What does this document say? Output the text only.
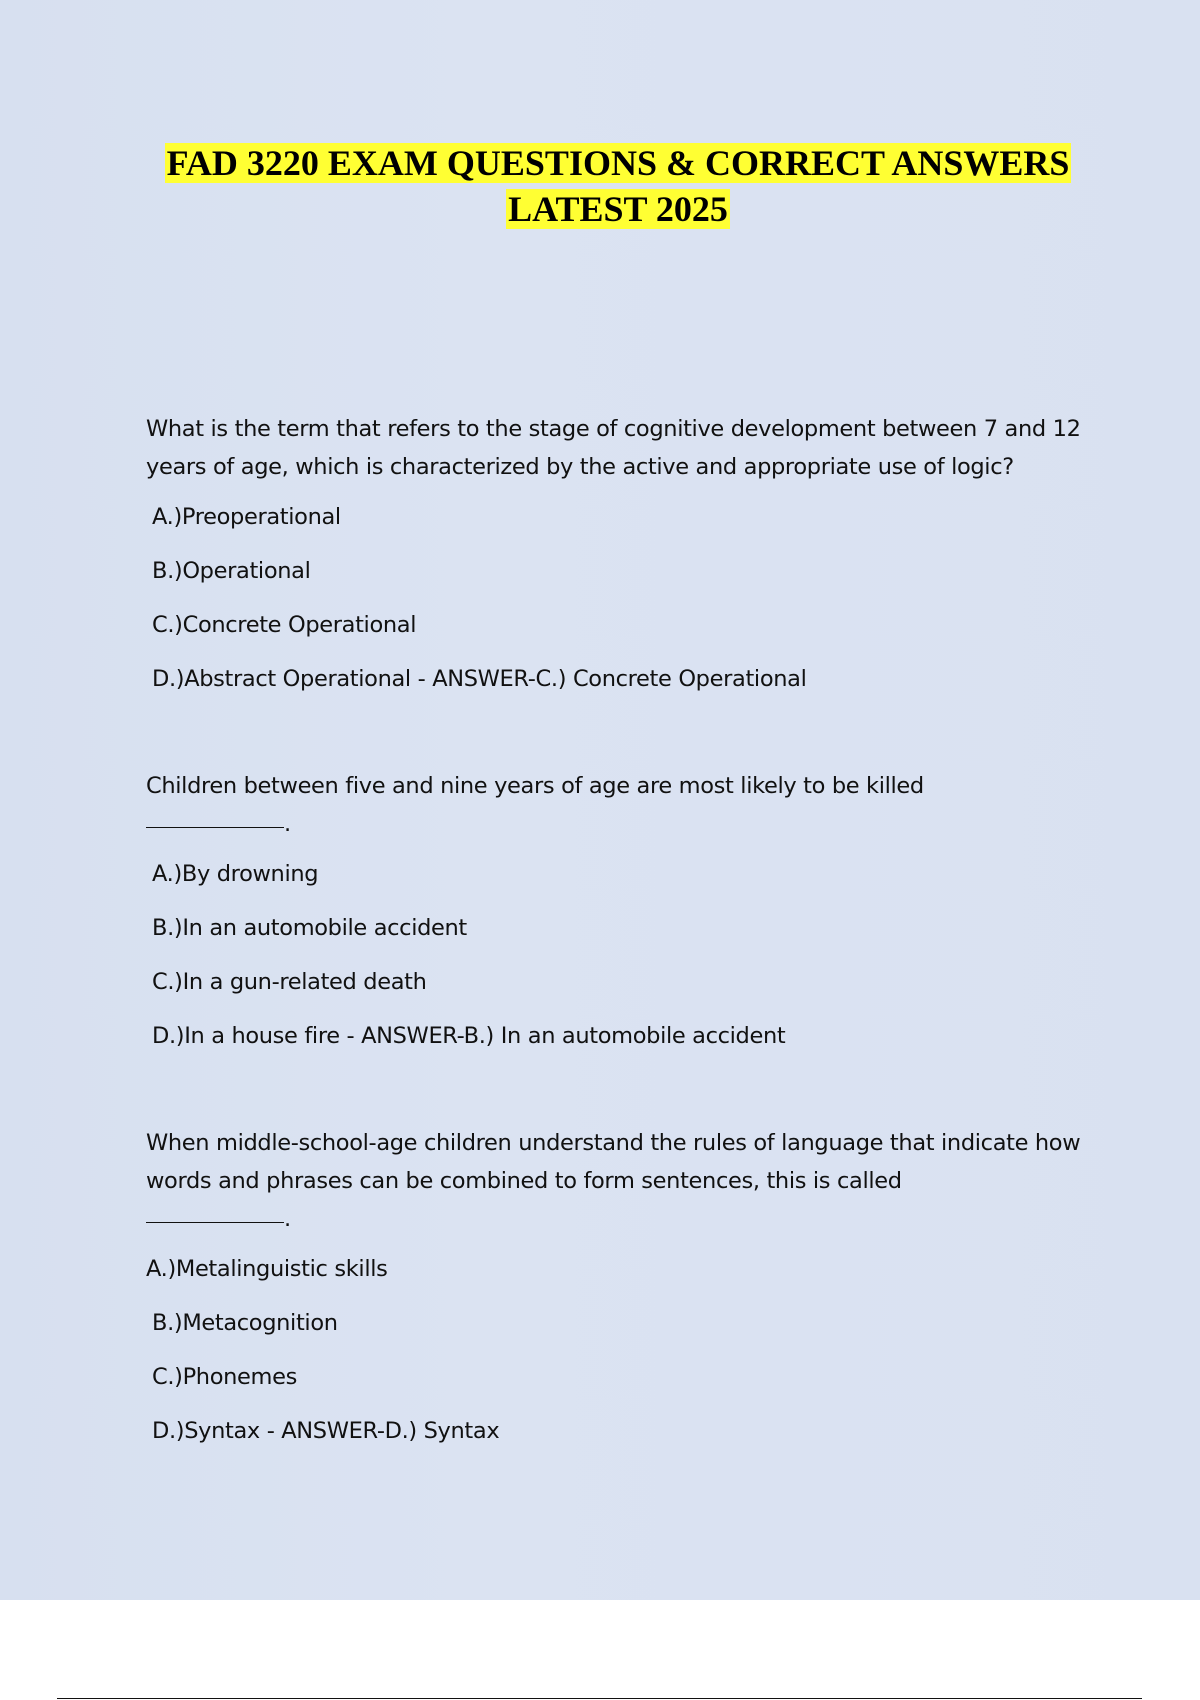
FAD 3220 EXAM QUESTIONS & CORRECT ANSWERS
LATEST 2025

What is the term that refers to the stage of cognitive development between 7 and 12 years of age, which is characterized by the active and appropriate use of logic?

A.)Preoperational

B.)Operational

C.)Concrete Operational

D.)Abstract Operational - ANSWER-C.) Concrete Operational

Children between five and nine years of age are most likely to be killed

.

A.)By drowning

B.)In an automobile accident

C.)In a gun-related death

D.)In a house fire - ANSWER-B.) In an automobile accident

When middle-school-age children understand the rules of language that indicate how words and phrases can be combined to form sentences, this is called

.

A.)Metalinguistic skills

B.)Metacognition

C.)Phonemes

D.)Syntax - ANSWER-D.) Syntax
